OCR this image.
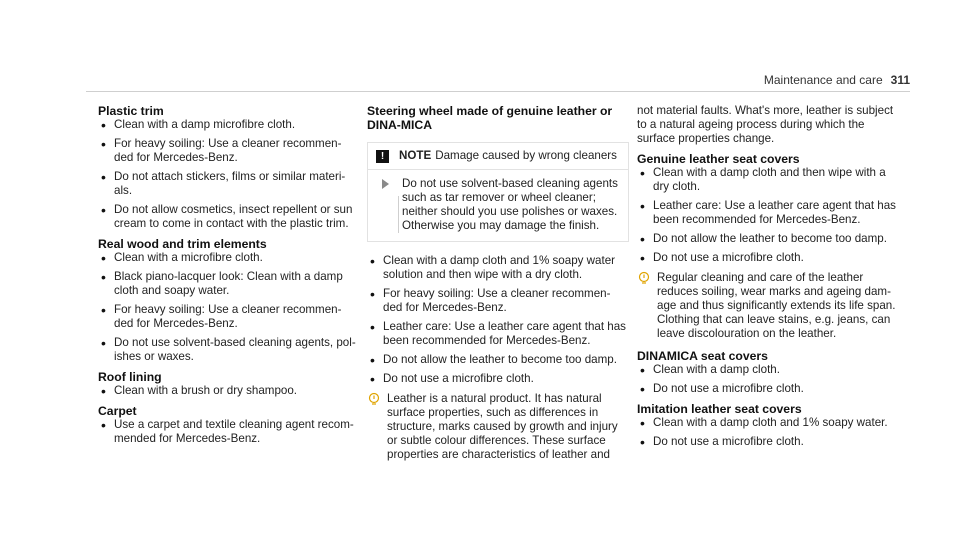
Maintenance and care 311
Plastic trim
• Clean with a damp microfibre cloth.
• For heavy soiling: Use a cleaner recommen-ded for Mercedes-Benz.
• Do not attach stickers, films or similar materi-als.
• Do not allow cosmetics, insect repellent or sun cream to come in contact with the plastic trim.
Real wood and trim elements
• Clean with a microfibre cloth.
• Black piano-lacquer look: Clean with a damp cloth and soapy water.
• For heavy soiling: Use a cleaner recommen-ded for Mercedes-Benz.
• Do not use solvent-based cleaning agents, pol-ishes or waxes.
Roof lining
• Clean with a brush or dry shampoo.
Carpet
• Use a carpet and textile cleaning agent recom-mended for Mercedes-Benz.
Steering wheel made of genuine leather or DINA-MICA
!	NOTE Damage caused by wrong cleaners
Do not use solvent-based cleaning agents such as tar remover or wheel cleaner; neither should you use polishes or waxes. Otherwise you may damage the finish.
• Clean with a damp cloth and 1% soapy water solution and then wipe with a dry cloth.
• For heavy soiling: Use a cleaner recommen-ded for Mercedes-Benz.
• Leather care: Use a leather care agent that has been recommended for Mercedes-Benz.
• Do not allow the leather to become too damp.
• Do not use a microfibre cloth.
Leather is a natural product. It has natural surface properties, such as differences in structure, marks caused by growth and injury or subtle colour differences. These surface properties are characteristics of leather and

not material faults. What's more, leather is subject to a natural ageing process during which the surface properties change.

Genuine leather seat covers
• Clean with a damp cloth and then wipe with a dry cloth.
• Leather care: Use a leather care agent that has been recommended for Mercedes-Benz.
• Do not allow the leather to become too damp.
• Do not use a microfibre cloth.
Regular cleaning and care of the leather reduces soiling, wear marks and ageing dam-age and thus significantly extends its life span. Clothing that can leave stains, e.g. jeans, can leave discolouration on the leather.
DINAMICA seat covers
• Clean with a damp cloth.
• Do not use a microfibre cloth.
Imitation leather seat covers
• Clean with a damp cloth and 1% soapy water.
• Do not use a microfibre cloth.
